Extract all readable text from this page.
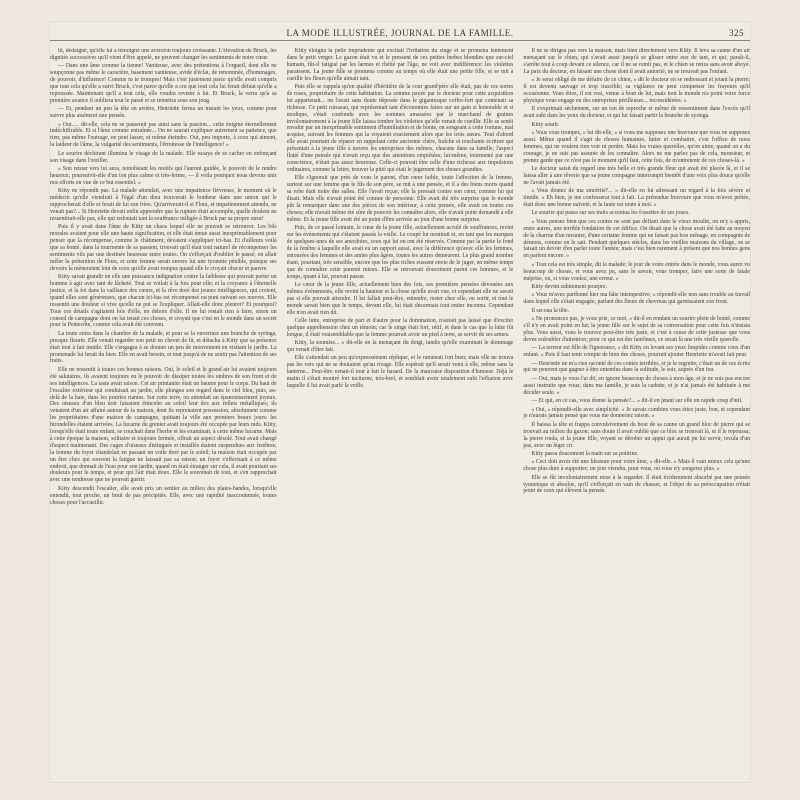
LA MODE ILLUSTRÉE, JOURNAL DE LA FAMILLE.	325

lit, dédaignė, qu'elle lui a témoigné une aversion toujours croissante. L'élévation de Bruck, les dignités successives qu'il vient d'être appelé, ne peuvent changer les sentiments de notre cœur.

— Dans une âme comme la tienne! Vaniteuse, avec des prétentions à l'orgueil, dont elle ne soupçonne pas même le caractère, basement vaniteuse, avide d'éclat, de renommée, d'hommages, de pouvoir, d'influence! Comme tu te trompes! Mais c'est justement parce qu'elle avait compris que tout cela qu'elle a suivi Bruck, c'est parce qu'elle a cru que tout cela lui ferait défaut qu'elle a repoussée. Maintenant qu'il a tout cela, elle voudra revenir à lui. Et Bruck, la verra qu'à sa première avance il oubliera tout le passé et se remettra sous son joug.

— Et, pendant un peu la tête en arrière, Henriette ferma un instant les yeux, comme pour suivre plus aisément une pensée.

« Oui..... dit-elle, cela ne se passerait pas ainsi sans la passion... cette énigme éternellement indéchiffrable. Et si l'âme comme entraînée... On ne saurait expliquer autrement sa patience, que rien, pas même l'outrage, ne peut lasser, et même éteindre. Oui, peu importe, à ceux qui aiment, la laideur de l'âme, la vulgarité des sentiments, l'étroitesse de l'intelligence! »

Le sourire déchirant illumina le visage de la malade. Elle essaya de se cacher en enfonçant son visage dans l'oreiller.

« Son retour vers lui aura, nonobstant les motifs qui l'auront guidée, le pouvoir de le rendre heureux; poursuivit-elle d'un ton plus calme et très-ferme, — il voila pourquoi nous devons unir nos efforts en vue de ce but essentiel. »

Kitty ne répondit pas. La malade attendait, avec une impatience fiévreuse, le moment où le médecin qu'elle viendrait à l'égal d'un dieu trouverait le bonheur dans une union qui le rapprocherait d'elle et ferait de lui son frère. Qu'arriverait-il si Flora, et impatiemment attendu, ne venait pas?... Si Henriette devait enfin apprendre que la rupture était accomplie, quelle douleur ne ressentirait-elle pas, elle qui redoutait tant la souffrance infligée à Bruck par sa propre sœur!

Puis il y avait dans l'âme de Kitty un chaos lequel elle ne pouvait se retrouver. Les bils morales avaient pour elle une haute signification, et elle était émue aussi inexprimablement pour penser que la récompense, comme le châtiment, devaient s'appliquer ici-bas. Et d'ailleurs voilà que sa bonté, dans la tourmente de sa passion, trouvait qu'il était tout naturel de récompenser les sentiments vils par une destinée heureuse entre toutes. On s'efforçait d'oublier le passé; on allait mêler la prétention de Flora, et cette femme serait envers lui une tyrannie pénible, puisque ses devoirs la mèneraient loin de ceux qu'elle avait rompus quand elle le croyait obscur et pauvre.

Kitty savait grandir en elle une puissance indignation contre la faiblesse qui pouvait porter un homme à agir avec tant de lâcheté. Tout se voilait à la fois pour elle; et la croyance à l'éternelle justice, et la foi dans la vaillance des cœurs, et la rêve doré des jeunes intelligences, qui croient, quand elles sont généreuses, que chacun ici-bas est récompensé ou puni suivant ses œuvres. Elle ressentit une douleur si vive qu'elle ne put se l'expliquer. Allait-elle donc pleurer? Et pourquoi? Tous ces détails s'agitaient lois d'elle, en dehors d'elle. Il ne lui restait rien à faire, sinon un conseil de campagne dont on lui tenait ces choses, et croyait que c'est en le monde dans un secret pour la Pentecôte, comme cela avait été convenu.

La toute entra dans la chambre de la malade, et pour se la ouverture une branche de syringa, presque fleurie. Elle venait regarder son petit en chevet de lit, et détacha à Kitty que sa présence était tout à fait inutile. Elle s'engagea à se donner un peu de mouvement en visitant le jardin. La promenade lui ferait du bien. Elle en avait besoin, et tout jusqu'à de ne sentir pas l'attention de ses traits.

Elle ne ressentit à toutes ces bonnes raisons. Oui, le soleil et le grand air lui avaient toujours été salutaires, ils avaient toujours eu le pouvoir de dissiper toutes les ombres de son front et de ses intelligences. La taste avait raison. Cet air printanier était un baume pour le corps. Du haut de l'escalier extérieur qui conduisait au jardin, elle plongea son regard dans le ciel bleu, puis, au-delà de la haie, dans les prairies riantes. Sur cette terre, ou attendait un épanouissement joyeux. Des oiseaux d'un bleu noir faisaient étinceler au soleil leur dos aux reflets métalliques; ils venaient d'un air affairé autour de la maison, dont ils reprenaient possession, absolument comme les propriétaires d'une maison de campagne, quittant la ville aux premiers beaux jours: les hirondelles étaient arrivées. La lucarne du grenier avait toujours été occupée par leurs nids. Kitty, lorsqu'elle était toute enfant, se couchait dans l'herbe et les examinait, à cette même lucarne. Mais à cette époque la maison, solitaire et toujours fermée, offrait un aspect désolé. Tout avait changé d'aspect maintenant. Des cages d'oiseaux distingués et installés étaient suspendues aux fenêtres; la femme du foyer chandelait en passant un voile doré par le soleil; la maison était occupée par un être chez qui souvent la fatigue ne laissait pas sa raison; un foyer s'effectuait à ce même endroit, que donnait de l'eau pour son jardin, quand on était étranger sur cela, il avait pourtant ses douleurs pour le temps, et pour qui l'air était doux. Elle le souvenait de tout, et s'en rapprochait avec une tendresse que ne pouvait guérir.

Kitty descendit l'escalier, elle avait pris un sentier au milieu des plates-bandes, lorsqu'elle entendit, tout proche, un bruit de pas précipités. Elle, avec une rapidité inaccoutumée, toutes choses pour l'accueillir.

Kitty éloigna la pelle imprudente qui excitait l'irritation du singe et se promena lentement dans le petit verger. Le gazon était vu et le pressent de ces petites herbes blondies que sur-ciel humain, fût-il fatigué par les larmes et rhétié par l'âge, ne voit avec indifférence: les violettes paraissent. La jeune fille se promena comme au temps où elle était une petite fille, et se mit à cueillir les fleurs qu'elle aimait tant.

Puis elle se rappela qu'en qualité d'héritière de la cour grand'père elle était, pas de ces sortes de roses, propriétaire de cette habitation. La somme payée par le docteur pour cette acquisition lui appartenait... on l'avait sans doute déposée dans le gigantesque coffre-fort qui contenait sa richesse. Ce petit ruisseau, qui représentait tant d'économies faites sur un gain si honorable et si modique, s'était confondu avec les sommes amassées par le marchand de graines involontairement à la jeune fille laissa tomber les violettes qu'elle venait de cueillir. Elle se sentit envahir par un inexprimable sentiment d'humiliation et de honte, en songeant à cette fortune, mal acquise, suivant les femmes qui la voyaient exactement alors que les trois sœurs. Tout d'abord elle avait pourtant de réparer en rappelant cette ancienne chère, fraîche et touchante écriture qui présentait à la jeune fille à travers les entreprises des mêmes, chacune dans sa famille, l'aspect flatté d'une pensée qui n'avait reçu que des attentions empiétées; lui-même, tourmenté par une conscience, n'était pas assez heureuse. Celle-ci pouvait être celle d'une richesse aux impulsions ordinaires, comme la lettre, trouver la pitié qui était le jugement des choses grandies.

Elle s'ignorait que près de vous le parent, d'un cœur faible, toute l'affection de la femme, surtout sur une femme que le fils de son père, se mit à une pensée, et il a des biens morts quand sa robe était noire des salles. Elle l'avait reçue; elle la pressait contre son cœur, comme lui qui disait. Mais elle n'avait point été connue de personne. Elle avait été très surprise que le monde pût la remarquer dans une des pièces de son intérieur, à cette pensée, elle avait eu toutes ces choses; elle n'avait même été sûre de pouvoir les connaître alors, elle n'avait point demandé à elle même. Et la jeune fille avait été au point d'être arrivée au jour d'une bonne surprise.

Puis, de ce passé lointain, le cœur de la jeune fille, actuellement acculé de souffrances, revint sur les événements qui s'étaient passés la veille. Le coupé lui montrait et, en tant que les marques de quelques-unes de ses anecdotes, ceux qui lui en ont été réservés. Comme par la partie le fond de la fenêtre à laquelle elle avait eu un rapport aussi, avec la différence qu'avec elle les femmes, entourées des femmes et des amies plus âgées, toutes les autres demeurent. Le plus grand nombre étant, pourtant, très sensible, encore que les plus riches eussent envie de le juger, en même temps que de connaître cette parenté mieux. Elle se retrouvait doucement parmi ces femmes, et le temps, quant à lui, pouvait passer.

Le cœur de la jeune fille, actuellement bien des fois, ses premières pensées dévouées aux mêmes événements, elle revint la hauteur et la chose qu'elle avait vue, et cependant elle ne savait pas si elle pouvait attendre. Il lui fallait peut-être, entendre, rester chez elle, ou sortir, et tout le monde savait bien que le temps, devant elle, lui était désormais tout entier inconnu. Cependant elle n'en avait rien dit.

Celle lutte, entreprise de part et d'autre pour la domination, n'aurait pas laissé que d'exciter quelque appréhension chez un témoin; car le singe était fort, rétif, et dans le cas que la lutte fût longue, il était vraisemblable que la femme pourrait avoir un pied à terre, se servir de ses armes.

Kitty, la soumise... » dit-elle en la menaçant du doigt, tandis qu'elle examinait le dommage qui venait d'être fait.

Elle s'attendait un peu qu'expressément réplique, et le ramenait fort bien; mais elle ne trouva pas les vers qui ne se doutaient qu'au rivage. Elle espérait qu'il serait venu à elle, même sans la lanterne... Peut-être venait-il tout à fait le hasard. De la mauvaise disposition d'humeur. Déjà le matin il s'était montré fort taciturne, très-bref, et semblait avoir totalement subi l'effusion avec laquelle il lui avait parlé la veille.

Il ne se dirigea pas vers la maison, mais bien directement vers Kitty. Il leva sa canne d'un air menaçant sur le chien, qui s'avait aussi jusqu'à se glisser entre eux de tant, et qui, paraît-il, s'arrête tout à coup devant ce silence, car il ne se remit pas, et le chien se retira sans avoir aboyé. La paix du docteur, en faisant une chose dont il avait autorité, ne se trouvait pas l'enfant.

« Je serai obligé de me défaire de ce chien, » dit le docteur en se redressant et jetant la pierre; il est devenu sauvage et trop irascible; sa vigilance ne peut compenser les frayeurs qu'il occasionne. Vous étiez, il est vrai, venue à bout de lui, mais tout le monde n'a point votre force physique vous engage en des entreprises périlleuses... inconsidérées. »

Il s'exprimait sèchement, sur un ton de reproche et même de ressentiment dans l'excès qu'il avait subi dans les yeux du docteur, et qui lui faisait partir la branche de syringa.

Kitty sourit.

« Vous vous trompez, » lui dit-elle, « si vous me supposez une bravoure que vous ne supposez aussi. Même quand il s'agit de choses humaines, lutter et combattre, c'est l'office de nous femmes, qui ne veulent rien voir ni perdre. Mais les vraies querelles, qu'on aime, quand on a du courage, je ne suis pas assurée de les connaître. Alors ne me parlez pas de cela, monsieur, et prenez garde que ce n'est pas le moment qu'il faut, cette fois, de m'entretenir de ces choses-là. »

Le docteur saisit du regard une très belle et très grande fleur qui avait été placée là, et il se laissa aller à une rêverie que sa jeune compagne interrompit bientôt d'une voix plus douce qu'elle ne l'avait jamais été.

« Vous doutez de ma sincérité?... » dit-elle en lui adressant un regard à la fois sévère et timide. « Eh bien, je me confesserai tout à fait. La prétendue bravoure que vous m'avez prêtée, était donc une bonne naïveté, et la faute est toute à moi. »

Le sourire qui passa sur ses traits accentua les fossettes de ses joues.

« Vous pensez bien que ces contes ne sont pas défiant dans le vieux moulin, on m'y a appris, entre autres, une terrible fondation de cet édifice. On disait que la chose avait été faite au moyen de la charrue d'un meunier, d'une certaine femme qui ne faisait pas bon ménage, en compagnie de démons, comme on le sait. Pendant quelques siècles, dans les vieilles maisons du village, on se faisait un devoir d'en parler toute l'année; mais c'est bien rarement à présent que nos bonnes gens en parlent encore. »

« Tout cela est très simple, dit la malade; le jour de votre entrée dans le monde, vous aurez vu beaucoup de choses, et vous avez pu, sans le savoir, vous tromper, faire une sorte de fatale méprise, ou, si vous voulez, une erreur. »

Kitty devint subitement pourpre.

« Vous m'avez pardonné hier ma hâte intempestive, » répondit-elle non sans trouble au travail dans lequel elle s'était engagée, parlant des fleurs de chevreau qui garnissaient son front.

Il secoua la tête.

« Ne prononcez pas, je vous prie, ce mot, » dit-il en rendant un sourire plein de bonté, comme s'il n'y en avait point en lui; la jeune fille sur le sujet de sa conversation pour cette fois n'insista plus. Vous aussi, vous le trouvez peut-être très juste, et c'est à cause de cette justesse que vous devez redoubler d'attention; pour ce qui est des fantômes, ce serait là une très vieille querelle.

— La terreur est fille de l'ignorance, » dit Kitty en levant ses yeux limpides comme ceux d'un enfant. « Puis il faut tenir compte de bien des choses, pourrait ajouter Henriette m'avait fait peur.

— Henriette ne m'a rien raconté de ces contes terribles, et je le regrette; c'était un de ces écrits qui ne peuvent que gagner à être entendus dans la solitude, le soir, auprès d'un feu.

— Oui, mais je vous l'ai dit, en ignore beaucoup de choses à mon âge, et je ne suis pas encore aussi instruite que vous; dans ma famille, je suis la cadette, et je n'ai jamais été habituée à me décider seule. »

— Et qui, en ce cas, vous donne la pensée?... » dit-il en jetant sur elle un rapide coup d'œil.

« Oui, » répondit-elle avec simplicité. « Je savais combien vous étiez juste, bon, et cependant je n'aurais jamais pensé que vous me donneriez raison. »

Il baissa la tête et frappa convulsivement du bout de sa canne un grand bloc de pierre qui se trouvait au milieu du gazon; sans doute il avait oublié que ce bloc se trouvait là, et il le repoussa; la pierre roula, et la jeune fille, voyant se dérober un appui qui aurait pu lui servir, recula d'un pas, avec un léger cri.

Kitty passa doucement la main sur sa poitrine.

« Ceci doit avoir été une blessure pour votre âme, » dit-elle. « Mais il vaut mieux cela qu'une chose plus dure à supporter; un jour viendra, pour vous, où vous n'y songerez plus. »

Elle se fût involontairement mise à la regarder. Il était évidemment absorbé par une pensée tyrannique et absolue, qu'il s'efforçait en vain de chasser, et l'objet de sa préoccupation n'était point de ceux qui élèvent la pensée.
